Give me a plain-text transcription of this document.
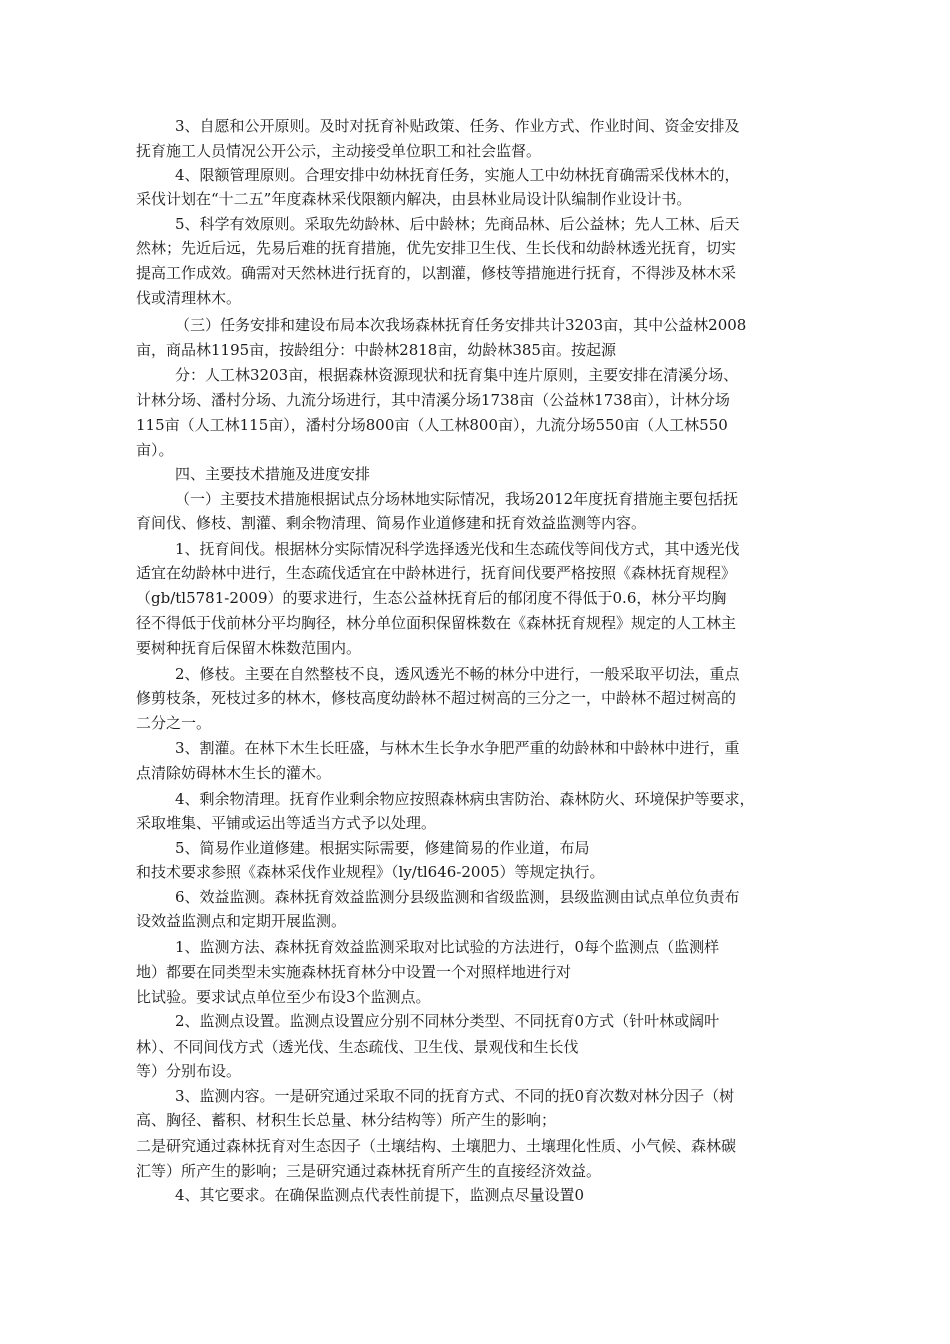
3、自愿和公开原则。及时对抚育补贴政策、任务、作业方式、作业时间、资金安排及

抚育施工人员情况公开公示，主动接受单位职工和社会监督。

4、限额管理原则。合理安排中幼林抚育任务，实施人工中幼林抚育确需采伐林木的，

采伐计划在“十二五”年度森林采伐限额内解决，由县林业局设计队编制作业设计书。

5、科学有效原则。采取先幼龄林、后中龄林；先商品林、后公益林；先人工林、后天

然林；先近后远，先易后难的抚育措施，优先安排卫生伐、生长伐和幼龄林透光抚育，切实

提高工作成效。确需对天然林进行抚育的，以割灌，修枝等措施进行抚育，不得涉及林木采

伐或清理林木。

（三）任务安排和建设布局本次我场森林抚育任务安排共计3203亩，其中公益林2008

亩，商品林1195亩，按龄组分：中龄林2818亩，幼龄林385亩。按起源

分：人工林3203亩，根据森林资源现状和抚育集中连片原则，主要安排在清溪分场、

计林分场、潘村分场、九流分场进行，其中清溪分场1738亩（公益林1738亩），计林分场

115亩（人工林115亩），潘村分场800亩（人工林800亩），九流分场550亩（人工林550

亩）。

四、主要技术措施及进度安排

（一）主要技术措施根据试点分场林地实际情况，我场2012年度抚育措施主要包括抚

育间伐、修枝、割灌、剩余物清理、简易作业道修建和抚育效益监测等内容。

1、抚育间伐。根据林分实际情况科学选择透光伐和生态疏伐等间伐方式，其中透光伐

适宜在幼龄林中进行，生态疏伐适宜在中龄林进行，抚育间伐要严格按照《森林抚育规程》

（gb/tl5781-2009）的要求进行，生态公益林抚育后的郁闭度不得低于0.6，林分平均胸

径不得低于伐前林分平均胸径，林分单位面积保留株数在《森林抚育规程》规定的人工林主

要树种抚育后保留木株数范围内。

2、修枝。主要在自然整枝不良，透风透光不畅的林分中进行，一般采取平切法，重点

修剪枝条，死枝过多的林木，修枝高度幼龄林不超过树高的三分之一，中龄林不超过树高的

二分之一。

3、割灌。在林下木生长旺盛，与林木生长争水争肥严重的幼龄林和中龄林中进行，重

点清除妨碍林木生长的灌木。

4、剩余物清理。抚育作业剩余物应按照森林病虫害防治、森林防火、环境保护等要求，

采取堆集、平铺或运出等适当方式予以处理。

5、简易作业道修建。根据实际需要，修建简易的作业道，布局

和技术要求参照《森林采伐作业规程》（ly/tl646-2005）等规定执行。

6、效益监测。森林抚育效益监测分县级监测和省级监测，县级监测由试点单位负责布

设效益监测点和定期开展监测。

1、监测方法、森林抚育效益监测采取对比试验的方法进行，0每个监测点（监测样

地）都要在同类型未实施森林抚育林分中设置一个对照样地进行对

比试验。要求试点单位至少布设3个监测点。

2、监测点设置。监测点设置应分别不同林分类型、不同抚育0方式（针叶林或阔叶

林）、不同间伐方式（透光伐、生态疏伐、卫生伐、景观伐和生长伐

等）分别布设。

3、监测内容。一是研究通过采取不同的抚育方式、不同的抚0育次数对林分因子（树

高、胸径、蓄积、材积生长总量、林分结构等）所产生的影响；

二是研究通过森林抚育对生态因子（土壤结构、土壤肥力、土壤理化性质、小气候、森林碳

汇等）所产生的影响；三是研究通过森林抚育所产生的直接经济效益。

4、其它要求。在确保监测点代表性前提下，监测点尽量设置0
